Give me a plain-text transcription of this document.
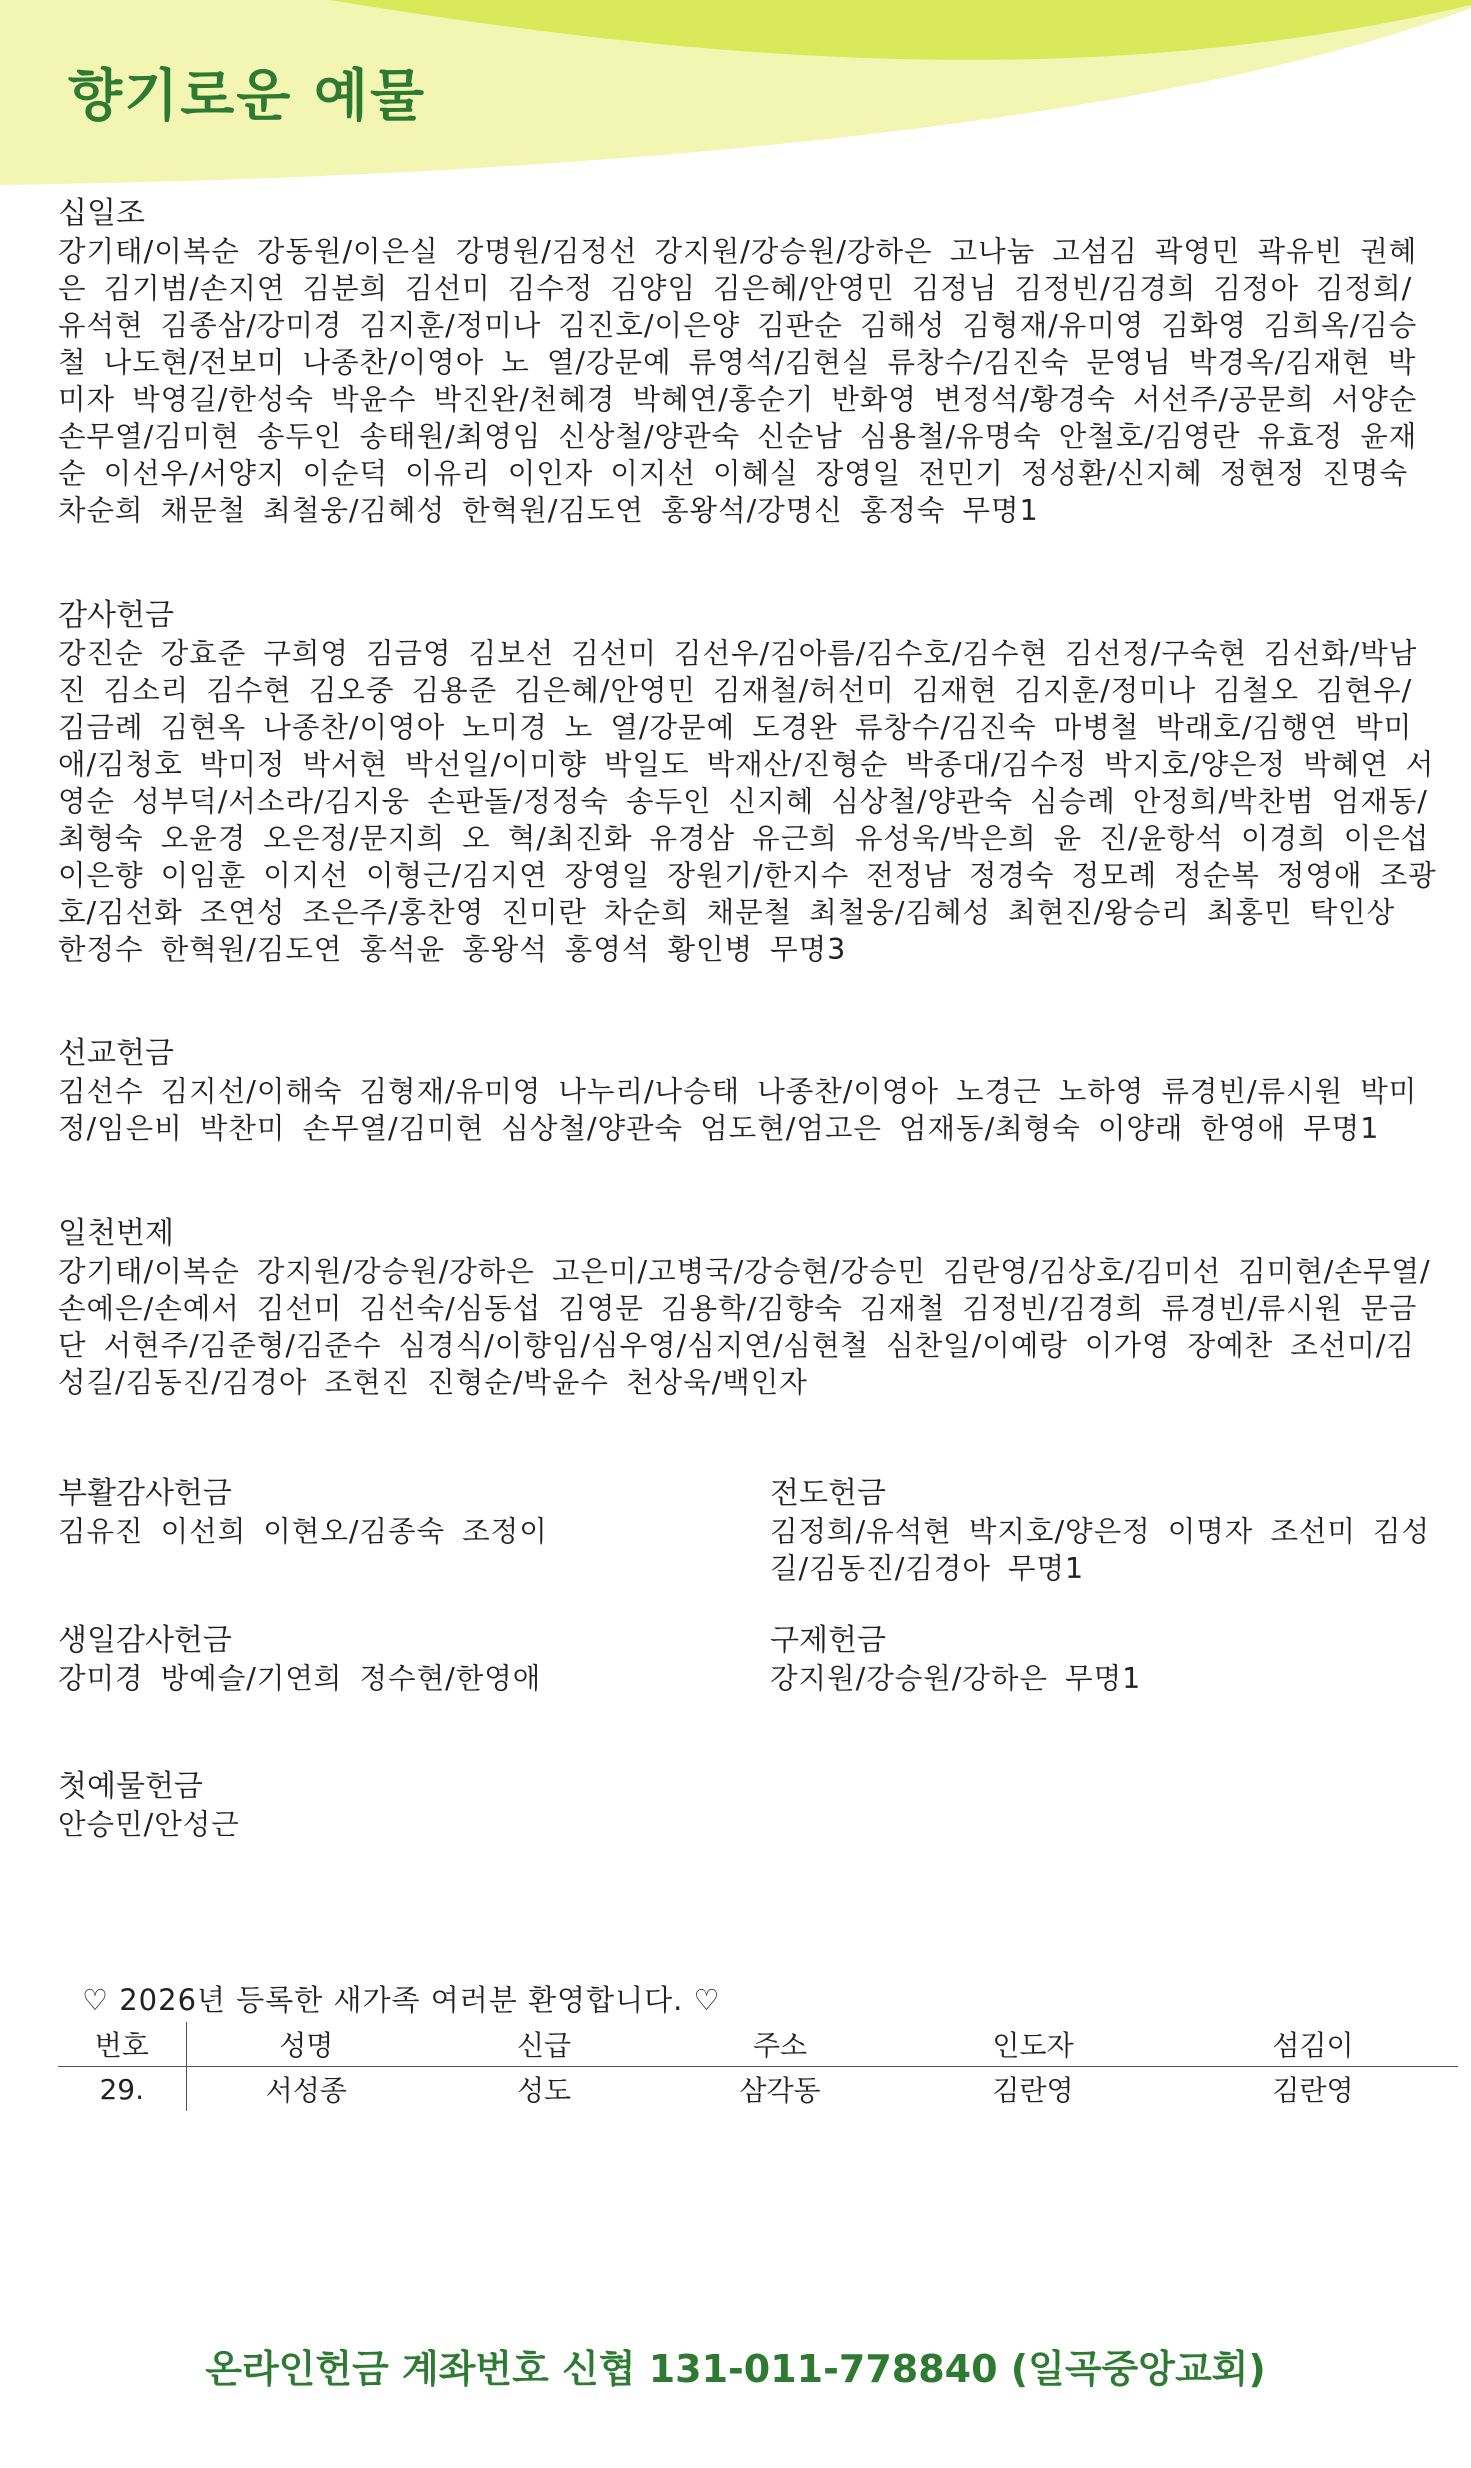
향기로운 예물
십일조
강기태/이복순 강동원/이은실 강명원/김정선 강지원/강승원/강하은 고나눔 고섬김 곽영민 곽유빈 권혜은 김기범/손지연 김분희 김선미 김수정 김양임 김은혜/안영민 김정님 김정빈/김경희 김정아 김정희/유석현 김종삼/강미경 김지훈/정미나 김진호/이은양 김판순 김해성 김형재/유미영 김화영 김희옥/김승철 나도현/전보미 나종찬/이영아 노 열/강문예 류영석/김현실 류창수/김진숙 문영님 박경옥/김재현 박미자 박영길/한성숙 박윤수 박진완/천혜경 박혜연/홍순기 반화영 변정석/황경숙 서선주/공문희 서양순 손무열/김미현 송두인 송태원/최영임 신상철/양관숙 신순남 심용철/유명숙 안철호/김영란 유효정 윤재순 이선우/서양지 이순덕 이유리 이인자 이지선 이혜실 장영일 전민기 정성환/신지혜 정현정 진명숙 차순희 채문철 최철웅/김혜성 한혁원/김도연 홍왕석/강명신 홍정숙 무명1
감사헌금
강진순 강효준 구희영 김금영 김보선 김선미 김선우/김아름/김수호/김수현 김선정/구숙현 김선화/박남진 김소리 김수현 김오중 김용준 김은혜/안영민 김재철/허선미 김재현 김지훈/정미나 김철오 김현우/김금례 김현옥 나종찬/이영아 노미경 노 열/강문예 도경완 류창수/김진숙 마병철 박래호/김행연 박미애/김청호 박미정 박서현 박선일/이미향 박일도 박재산/진형순 박종대/김수정 박지호/양은정 박혜연 서영순 성부덕/서소라/김지웅 손판돌/정정숙 송두인 신지혜 심상철/양관숙 심승례 안정희/박찬범 엄재동/최형숙 오윤경 오은정/문지희 오 혁/최진화 유경삼 유근희 유성욱/박은희 윤 진/윤항석 이경희 이은섭 이은향 이임훈 이지선 이형근/김지연 장영일 장원기/한지수 전정남 정경숙 정모례 정순복 정영애 조광호/김선화 조연성 조은주/홍찬영 진미란 차순희 채문철 최철웅/김혜성 최현진/왕승리 최홍민 탁인상 한정수 한혁원/김도연 홍석윤 홍왕석 홍영석 황인병 무명3
선교헌금
김선수 김지선/이해숙 김형재/유미영 나누리/나승태 나종찬/이영아 노경근 노하영 류경빈/류시원 박미정/임은비 박찬미 손무열/김미현 심상철/양관숙 엄도현/엄고은 엄재동/최형숙 이양래 한영애 무명1
일천번제
강기태/이복순 강지원/강승원/강하은 고은미/고병국/강승현/강승민 김란영/김상호/김미선 김미현/손무열/손예은/손예서 김선미 김선숙/심동섭 김영문 김용학/김향숙 김재철 김정빈/김경희 류경빈/류시원 문금단 서현주/김준형/김준수 심경식/이향임/심우영/심지연/심현철 심찬일/이예랑 이가영 장예찬 조선미/김성길/김동진/김경아 조현진 진형순/박윤수 천상욱/백인자
부활감사헌금
김유진 이선희 이현오/김종숙 조정이
전도헌금
김정희/유석현 박지호/양은정 이명자 조선미 김성길/김동진/김경아 무명1
생일감사헌금
강미경 방예슬/기연희 정수현/한영애
구제헌금
강지원/강승원/강하은 무명1
첫예물헌금
안승민/안성근
♡ 2026년 등록한 새가족 여러분 환영합니다. ♡
번호	성명	신급	주소	인도자	섬김이
29.	서성종	성도	삼각동	김란영	김란영
온라인헌금 계좌번호 신협 131-011-778840 (일곡중앙교회)
